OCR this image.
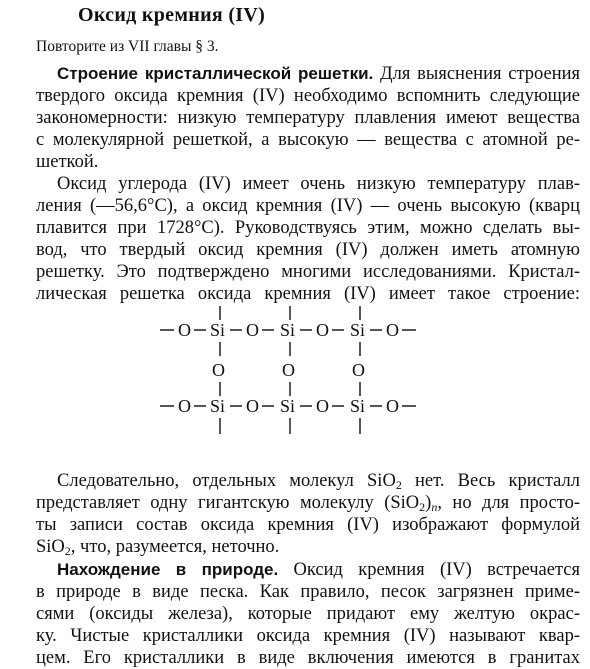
Оксид кремния (IV)
Повторите из VII главы § 3.
Строение кристаллической решетки. Для выяснения строения
твердого оксида кремния (IV) необходимо вспомнить следующие
закономерности: низкую температуру плавления имеют вещества
с молекулярной решеткой, а высокую — вещества с атомной ре-
шеткой.
Оксид углерода (IV) имеет очень низкую температуру плав-
ления (—56,6°С), а оксид кремния (IV) — очень высокую (кварц
плавится при 1728°С). Руководствуясь этим, можно сделать вы-
вод, что твердый оксид кремния (IV) должен иметь атомную
решетку. Это подтверждено многими исследованиями. Кристал-
лическая решетка оксида кремния (IV) имеет такое строение:
O Si O Si O Si O
O	O	O
O Si O Si O Si O
Следовательно, отдельных молекул SiO$_2$ нет. Весь кристалл
представляет одну гигантскую молекулу (SiO$_2$)n, но для просто-
ты записи состав оксида кремния (IV) изображают формулой
SiO$_2$, что, разумеется, неточно.
Нахождение в природе. Оксид кремния (IV) встречается
в природе в виде песка. Как правило, песок загрязнен приме-
сями (оксиды железа), которые придают ему желтую окрас-
ку. Чистые кристаллики оксида кремния (IV) называют квар-
цем. Его кристаллики в виде включения имеются в гранитах
